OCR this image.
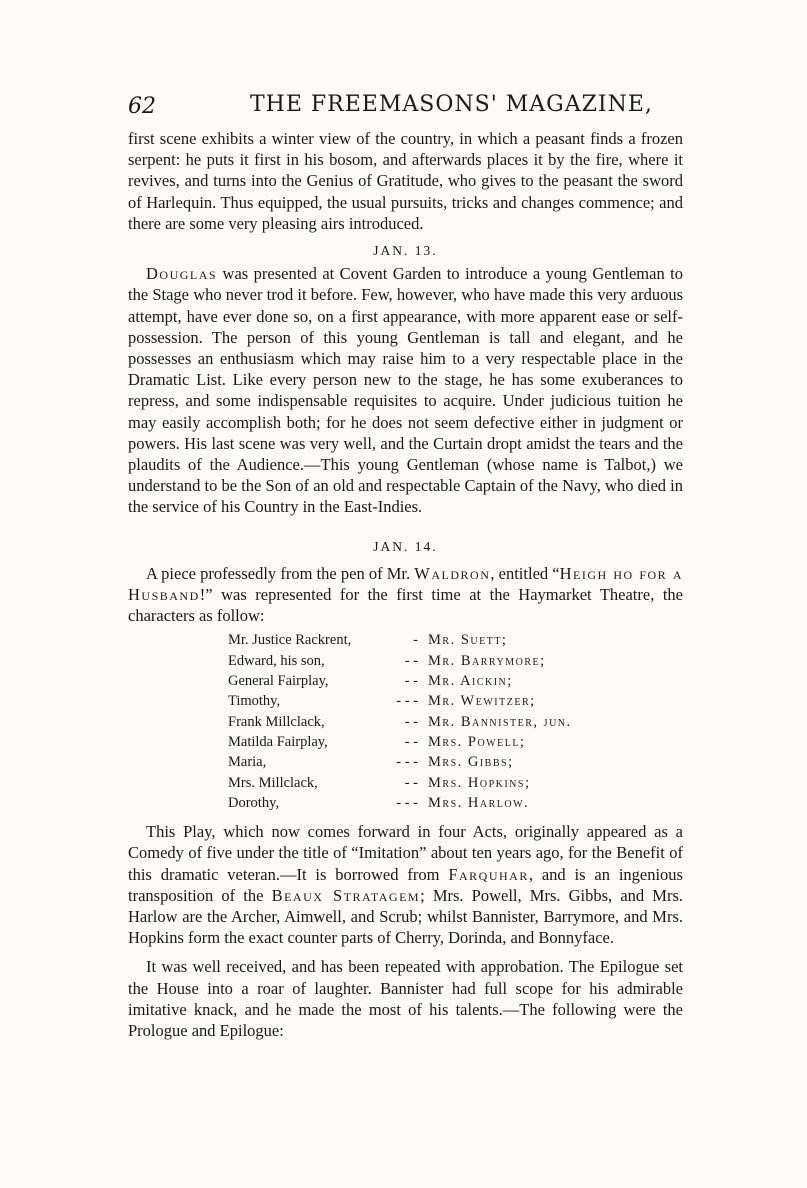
62	THE FREEMASONS' MAGAZINE,

first scene exhibits a winter view of the country, in which a peasant finds a frozen serpent: he puts it first in his bosom, and afterwards places it by the fire, where it revives, and turns into the Genius of Gratitude, who gives to the peasant the sword of Harlequin. Thus equipped, the usual pursuits, tricks and changes commence; and there are some very pleasing airs introduced.

JAN. 13.

Douglas was presented at Covent Garden to introduce a young Gentleman to the Stage who never trod it before. Few, however, who have made this very arduous attempt, have ever done so, on a first appearance, with more apparent ease or self-possession. The person of this young Gentleman is tall and elegant, and he possesses an enthusiasm which may raise him to a very respectable place in the Dramatic List. Like every person new to the stage, he has some exuberances to repress, and some indispensable requisites to acquire. Under judicious tuition he may easily accomplish both; for he does not seem defective either in judgment or powers. His last scene was very well, and the Curtain dropt amidst the tears and the plaudits of the Audience.—This young Gentleman (whose name is Talbot,) we understand to be the Son of an old and respectable Captain of the Navy, who died in the service of his Country in the East-Indies.

JAN. 14.

A piece professedly from the pen of Mr. Waldron, entitled “Heigh ho for a Husband!” was represented for the first time at the Haymarket Theatre, the characters as follow:

Mr. Justice Rackrent,	- Mr. Suett;
Edward, his son,	- - Mr. Barrymore;
General Fairplay,	- - Mr. Aickin;
Timothy,	- - - Mr. Wewitzer;
Frank Millclack,	- - Mr. Bannister, jun.
Matilda Fairplay,	- - Mrs. Powell;
Maria,	- - - Mrs. Gibbs;
Mrs. Millclack,	- - Mrs. Hopkins;
Dorothy,	- - - Mrs. Harlow.

This Play, which now comes forward in four Acts, originally appeared as a Comedy of five under the title of “Imitation” about ten years ago, for the Benefit of this dramatic veteran.—It is borrowed from Farquhar, and is an ingenious transposition of the Beaux Stratagem; Mrs. Powell, Mrs. Gibbs, and Mrs. Harlow are the Archer, Aimwell, and Scrub; whilst Bannister, Barrymore, and Mrs. Hopkins form the exact counter parts of Cherry, Dorinda, and Bonnyface.

It was well received, and has been repeated with approbation. The Epilogue set the House into a roar of laughter. Bannister had full scope for his admirable imitative knack, and he made the most of his talents.—The following were the Prologue and Epilogue:
